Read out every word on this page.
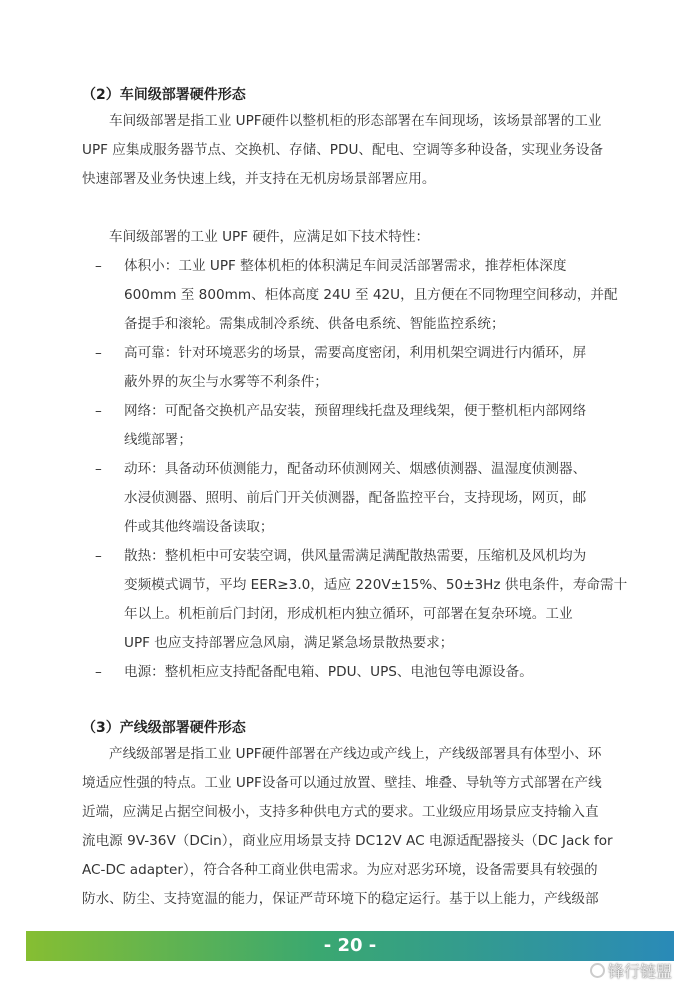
（2）车间级部署硬件形态
车间级部署是指工业 UPF硬件以整机柜的形态部署在车间现场，该场景部署的工业
UPF 应集成服务器节点、交换机、存储、PDU、配电、空调等多种设备，实现业务设备
快速部署及业务快速上线，并支持在无机房场景部署应用。
车间级部署的工业 UPF 硬件，应满足如下技术特性：
– 体积小：工业 UPF 整体机柜的体积满足车间灵活部署需求，推荐柜体深度
600mm 至 800mm、柜体高度 24U 至 42U，且方便在不同物理空间移动，并配
备提手和滚轮。需集成制冷系统、供备电系统、智能监控系统；
– 高可靠：针对环境恶劣的场景，需要高度密闭，利用机架空调进行内循环，屏
蔽外界的灰尘与水雾等不利条件；
– 网络：可配备交换机产品安装，预留理线托盘及理线架，便于整机柜内部网络
线缆部署；
– 动环：具备动环侦测能力，配备动环侦测网关、烟感侦测器、温湿度侦测器、
水浸侦测器、照明、前后门开关侦测器，配备监控平台，支持现场，网页，邮
件或其他终端设备读取；
– 散热：整机柜中可安装空调，供风量需满足满配散热需要，压缩机及风机均为
变频模式调节，平均 EER≥3.0，适应 220V±15%、50±3Hz 供电条件，寿命需十
年以上。机柜前后门封闭，形成机柜内独立循环，可部署在复杂环境。工业
UPF 也应支持部署应急风扇，满足紧急场景散热要求；
– 电源：整机柜应支持配备配电箱、PDU、UPS、电池包等电源设备。
（3）产线级部署硬件形态
产线级部署是指工业 UPF硬件部署在产线边或产线上，产线级部署具有体型小、环
境适应性强的特点。工业 UPF设备可以通过放置、壁挂、堆叠、导轨等方式部署在产线
近端，应满足占据空间极小，支持多种供电方式的要求。工业级应用场景应支持输入直
流电源 9V-36V（DCin），商业应用场景支持 DC12V AC 电源适配器接头（DC Jack for
AC-DC adapter），符合各种工商业供电需求。为应对恶劣环境，设备需要具有较强的
防水、防尘、支持宽温的能力，保证严苛环境下的稳定运行。基于以上能力，产线级部
- 20 -
锋行链盟
